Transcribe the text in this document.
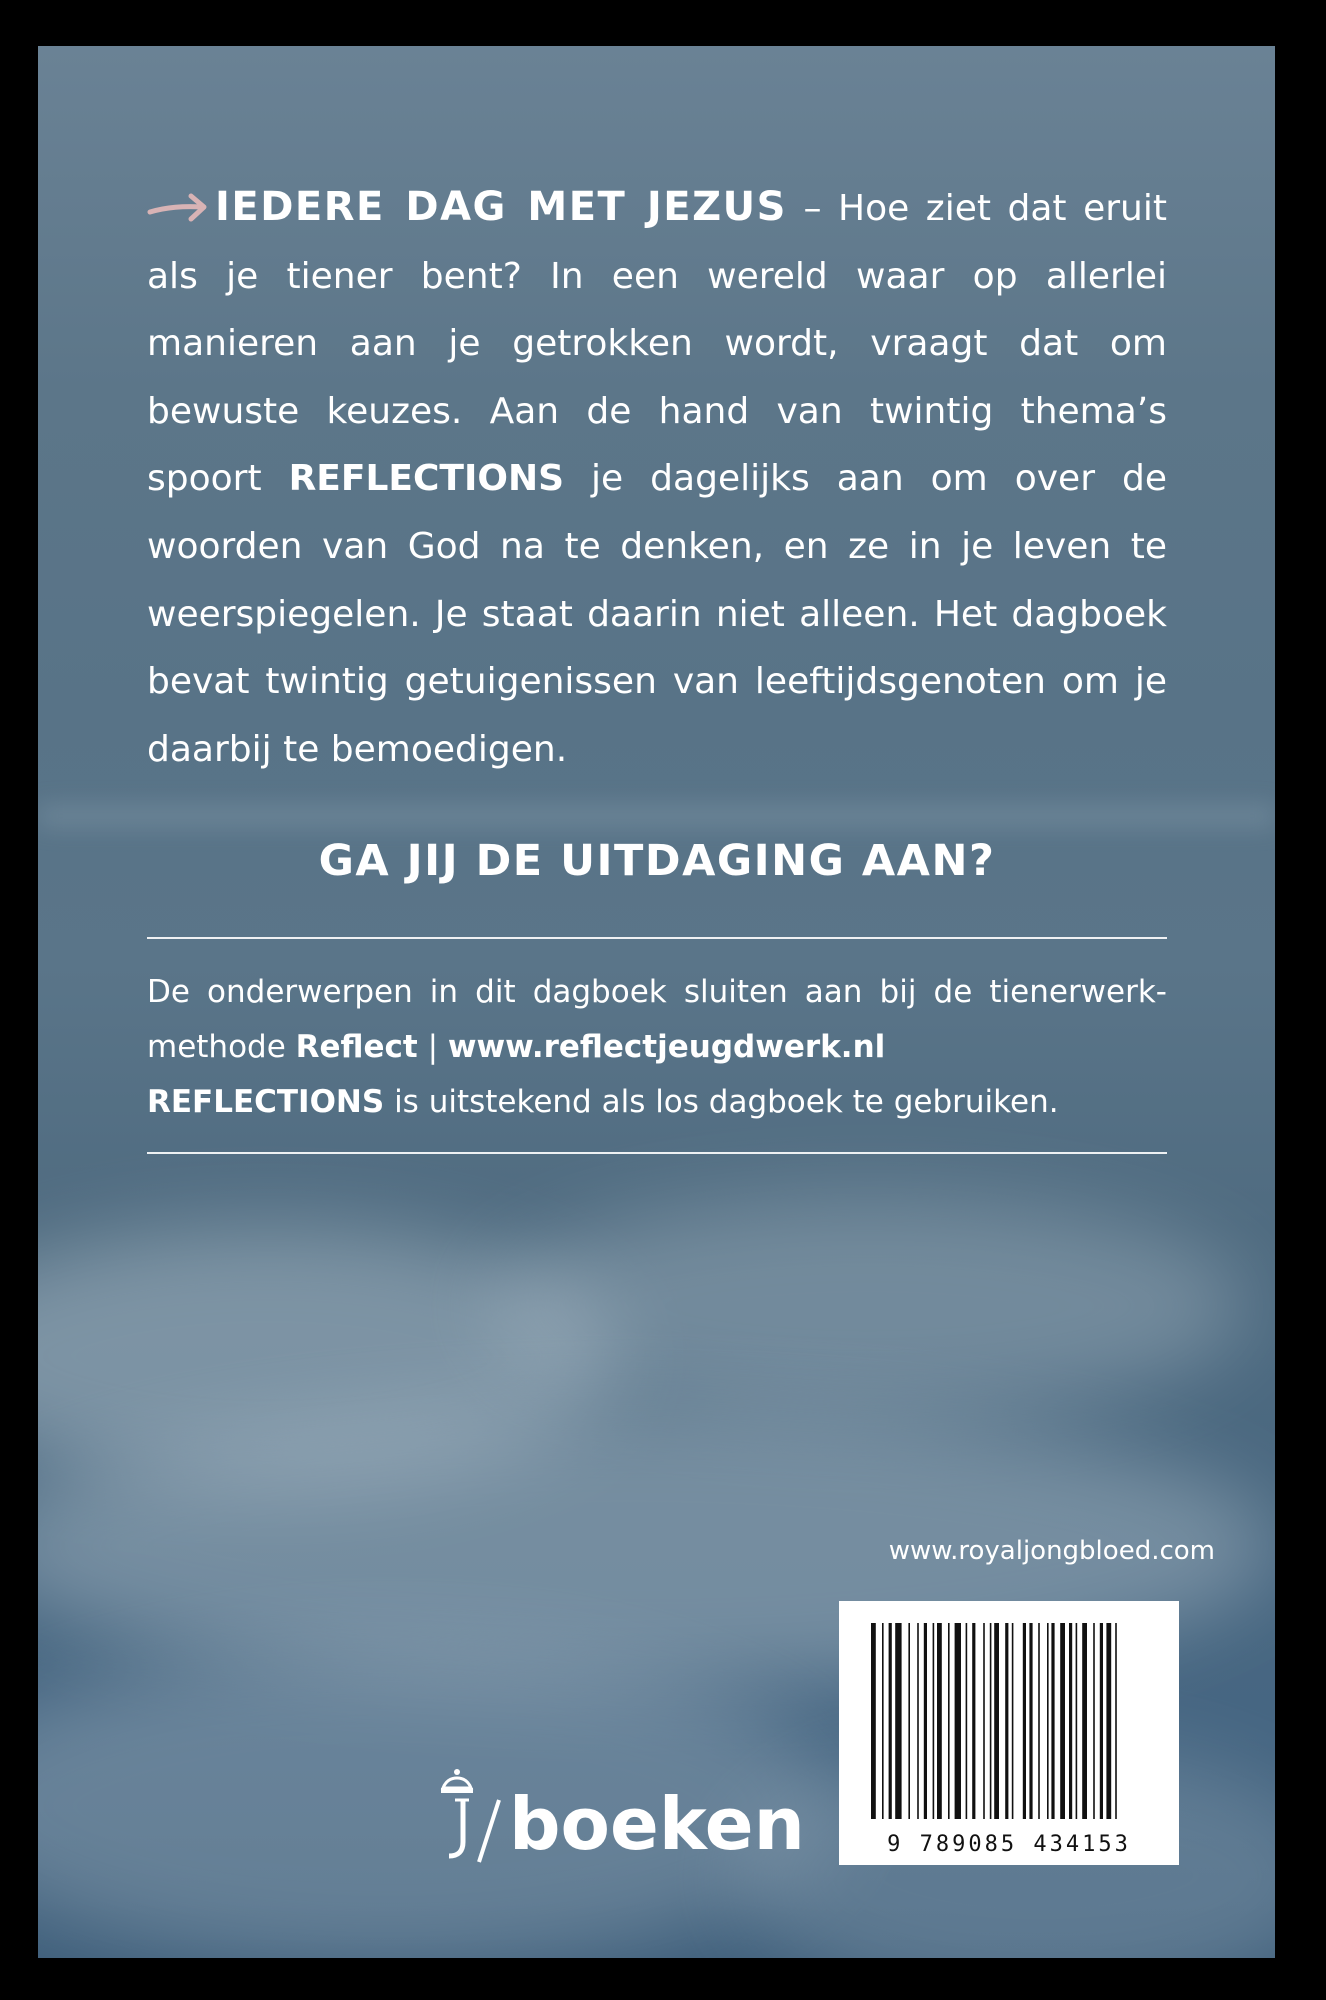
IEDERE DAG MET JEZUS – Hoe ziet dat eruit als je tiener bent? In een wereld waar op allerlei manieren aan je getrokken wordt, vraagt dat om bewuste keuzes. Aan de hand van twintig thema’s spoort REFLECTIONS je dagelijks aan om over de woorden van God na te denken, en ze in je leven te weerspiegelen. Je staat daarin niet alleen. Het dagboek bevat twintig getuigenissen van leeftijdsgenoten om je daarbij te bemoedigen.

GA JIJ DE UITDAGING AAN?
De onderwerpen in dit dagboek sluiten aan bij de tienerwerk-
methode Reflect | www.reflectjeugdwerk.nl
REFLECTIONS is uitstekend als los dagboek te gebruiken.
www.royaljongbloed.com
9 789085 434153
boeken
